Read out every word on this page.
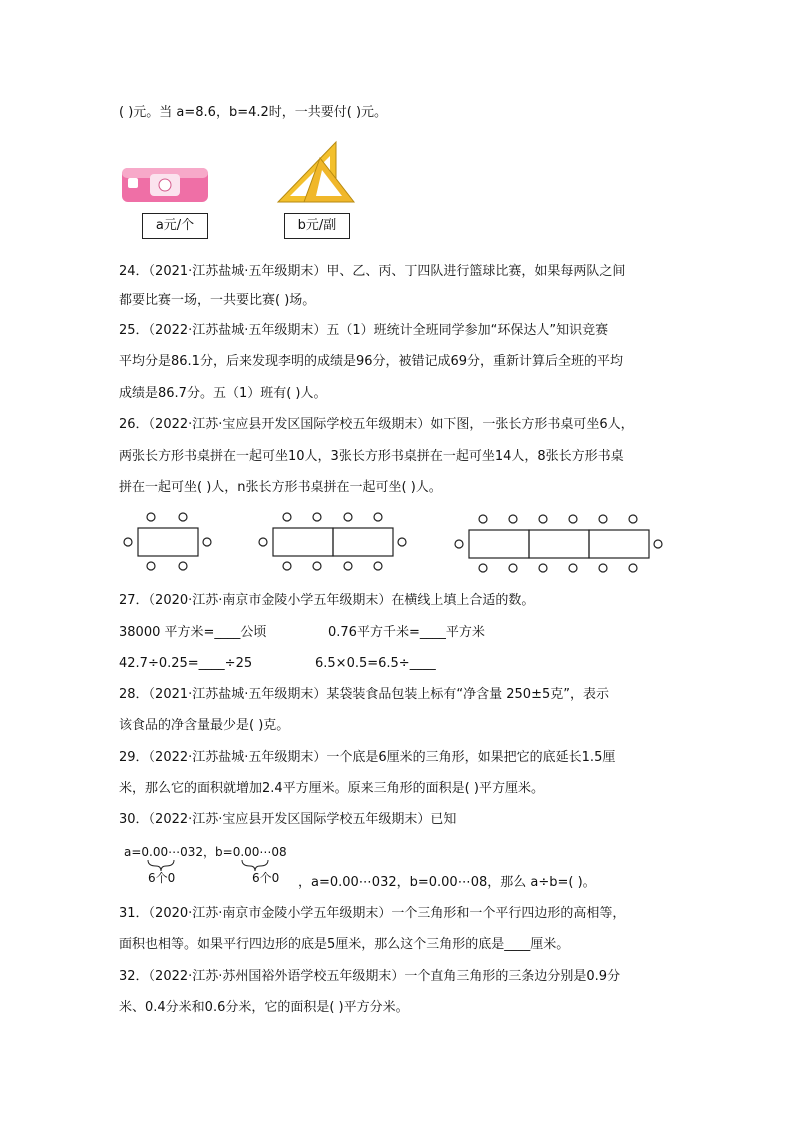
( )元。当 a=8.6，b=4.2时，一共要付( )元。
a元/个	b元/副
24．（2021·江苏盐城·五年级期末）甲、乙、丙、丁四队进行篮球比赛，如果每两队之间
都要比赛一场，一共要比赛( )场。
25．（2022·江苏盐城·五年级期末）五（1）班统计全班同学参加“环保达人”知识竞赛
平均分是86.1分，后来发现李明的成绩是96分，被错记成69分，重新计算后全班的平均
成绩是86.7分。五（1）班有( )人。
26．（2022·江苏·宝应县开发区国际学校五年级期末）如下图，一张长方形书桌可坐6人，
两张长方形书桌拼在一起可坐10人，3张长方形书桌拼在一起可坐14人，8张长方形书桌
拼在一起可坐( )人，n张长方形书桌拼在一起可坐( )人。
27．（2020·江苏·南京市金陵小学五年级期末）在横线上填上合适的数。
38000 平方米=____公顷	0.76平方千米=____平方米
42.7÷0.25=____÷25	6.5×0.5=6.5÷____
28．（2021·江苏盐城·五年级期末）某袋装食品包装上标有“净含量 250±5克”，表示
该食品的净含量最少是( )克。
29．（2022·江苏盐城·五年级期末）一个底是6厘米的三角形，如果把它的底延长1.5厘
米，那么它的面积就增加2.4平方厘米。原来三角形的面积是( )平方厘米。
30．（2022·江苏·宝应县开发区国际学校五年级期末）已知
a=0.00⋯032，b=0.00⋯08
6个0	6个0 ，a=0.00⋯032，b=0.00⋯08，那么 a÷b=( )。
31．（2020·江苏·南京市金陵小学五年级期末）一个三角形和一个平行四边形的高相等，
面积也相等。如果平行四边形的底是5厘米，那么这个三角形的底是____厘米。
32．（2022·江苏·苏州国裕外语学校五年级期末）一个直角三角形的三条边分别是0.9分
米、0.4分米和0.6分米，它的面积是( )平方分米。
